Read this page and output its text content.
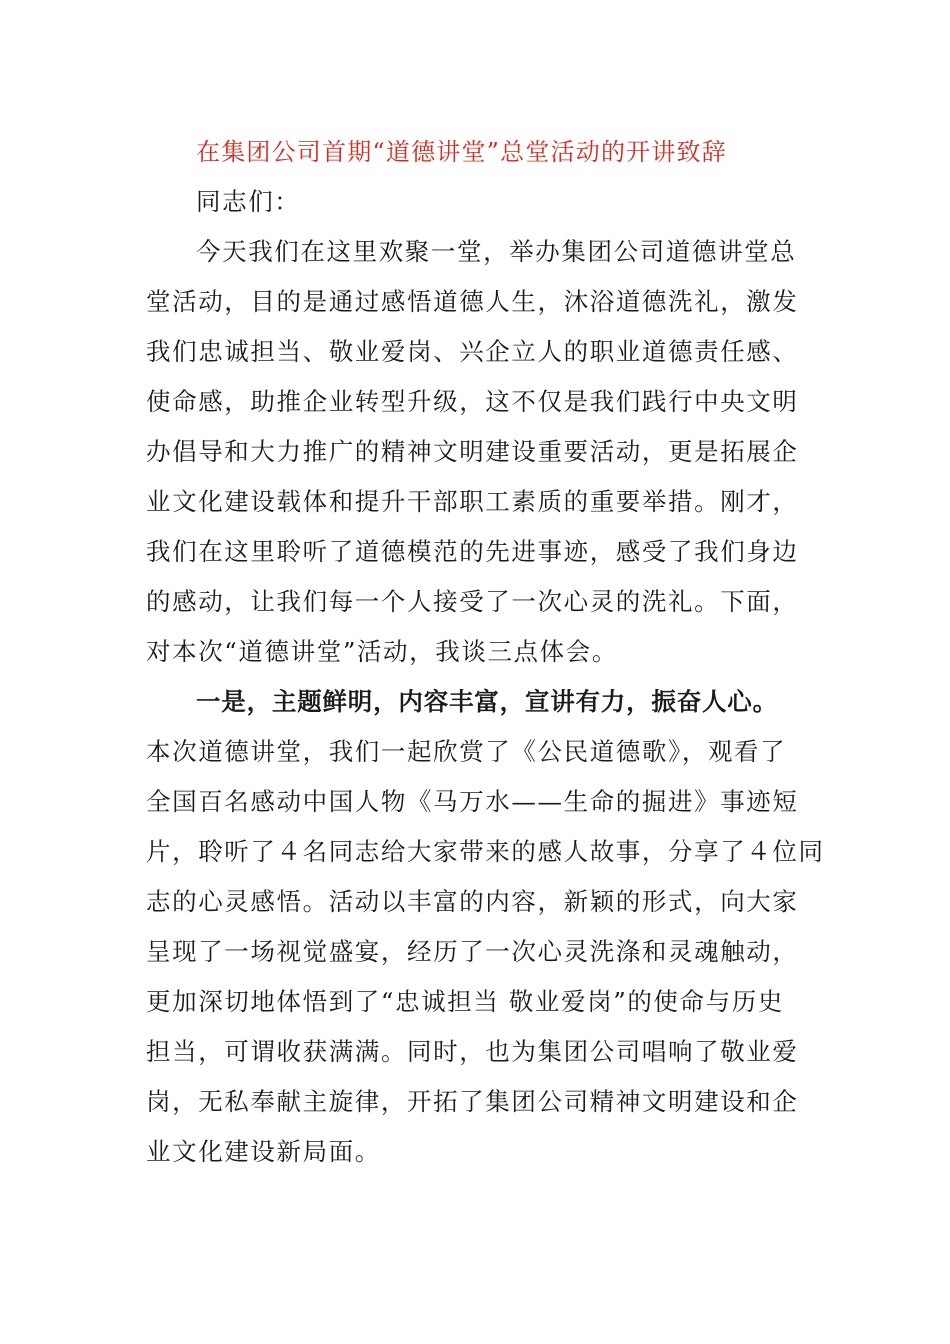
在集团公司首期“道德讲堂”总堂活动的开讲致辞
同志们：
今天我们在这里欢聚一堂，举办集团公司道德讲堂总
堂活动，目的是通过感悟道德人生，沐浴道德洗礼，激发
我们忠诚担当、敬业爱岗、兴企立人的职业道德责任感、
使命感，助推企业转型升级，这不仅是我们践行中央文明
办倡导和大力推广的精神文明建设重要活动，更是拓展企
业文化建设载体和提升干部职工素质的重要举措。刚才，
我们在这里聆听了道德模范的先进事迹，感受了我们身边
的感动，让我们每一个人接受了一次心灵的洗礼。下面，
对本次“道德讲堂”活动，我谈三点体会。
一是，主题鲜明，内容丰富，宣讲有力，振奋人心。
本次道德讲堂，我们一起欣赏了《公民道德歌》，观看了
全国百名感动中国人物《马万水——生命的掘进》事迹短
片，聆听了４名同志给大家带来的感人故事，分享了４位同
志的心灵感悟。活动以丰富的内容，新颖的形式，向大家
呈现了一场视觉盛宴，经历了一次心灵洗涤和灵魂触动，
更加深切地体悟到了“忠诚担当 敬业爱岗”的使命与历史
担当，可谓收获满满。同时，也为集团公司唱响了敬业爱
岗，无私奉献主旋律，开拓了集团公司精神文明建设和企
业文化建设新局面。
